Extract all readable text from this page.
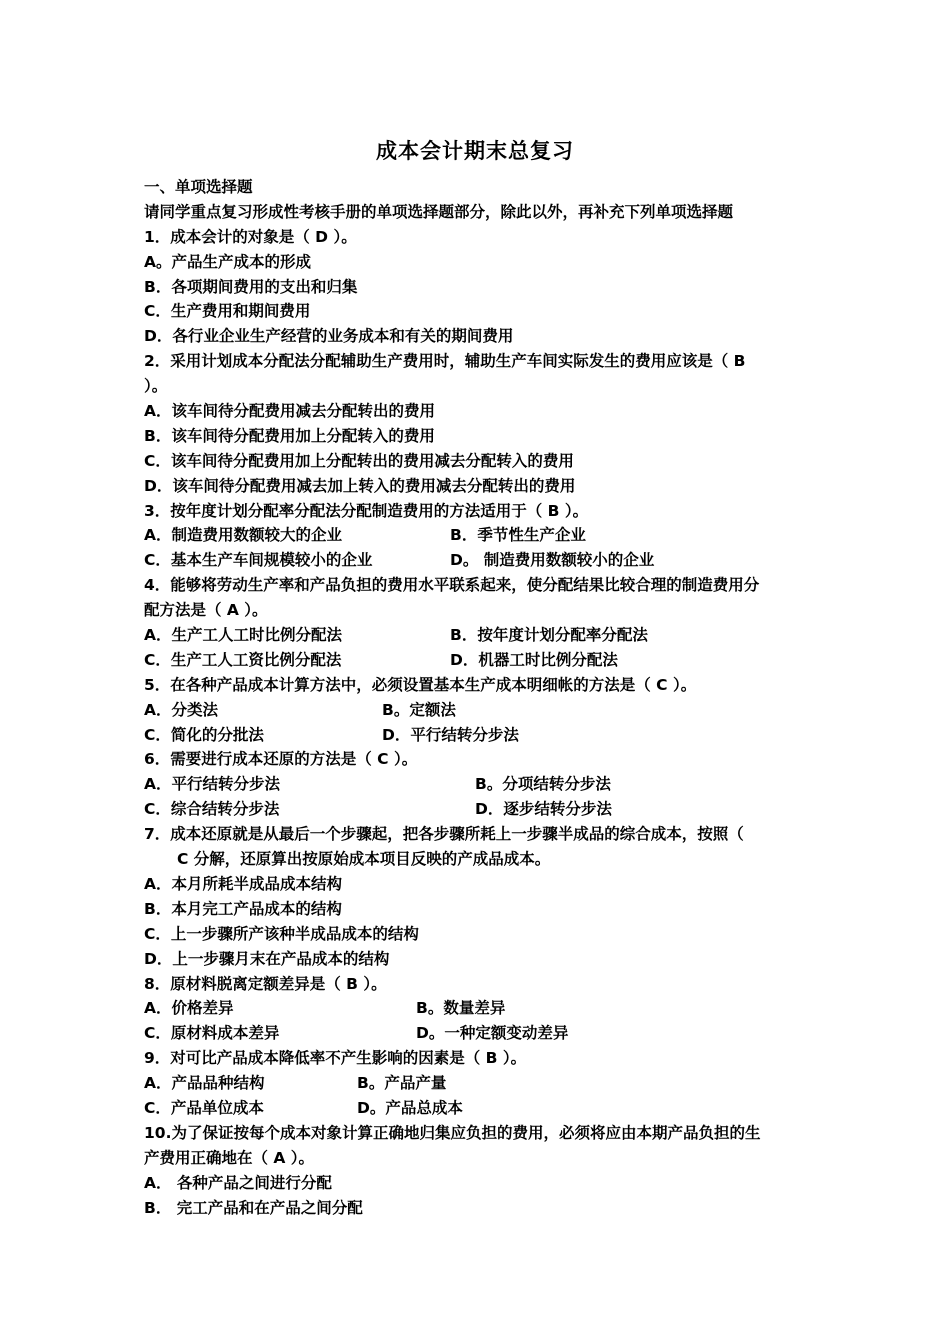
成本会计期末总复习
一、单项选择题
请同学重点复习形成性考核手册的单项选择题部分，除此以外，再补充下列单项选择题
1．成本会计的对象是（ D ）。
A。产品生产成本的形成
B．各项期间费用的支出和归集
C．生产费用和期间费用
D．各行业企业生产经营的业务成本和有关的期间费用
2．采用计划成本分配法分配辅助生产费用时，辅助生产车间实际发生的费用应该是（ B
）。
A．该车间待分配费用减去分配转出的费用
B．该车间待分配费用加上分配转入的费用
C．该车间待分配费用加上分配转出的费用减去分配转入的费用
D．该车间待分配费用减去加上转入的费用减去分配转出的费用
3．按年度计划分配率分配法分配制造费用的方法适用于（ B ）。
A．制造费用数额较大的企业	B．季节性生产企业
C．基本生产车间规模较小的企业	D。 制造费用数额较小的企业
4．能够将劳动生产率和产品负担的费用水平联系起来，使分配结果比较合理的制造费用分
配方法是（ A ）。
A．生产工人工时比例分配法	B．按年度计划分配率分配法
C．生产工人工资比例分配法	D．机器工时比例分配法
5．在各种产品成本计算方法中，必须设置基本生产成本明细帐的方法是（ C ）。
A．分类法	B。定额法
C．简化的分批法	D．平行结转分步法
6．需要进行成本还原的方法是（ C ）。
A．平行结转分步法	B。分项结转分步法
C．综合结转分步法	D．逐步结转分步法
7．成本还原就是从最后一个步骤起，把各步骤所耗上一步骤半成品的综合成本，按照（
C 分解，还原算出按原始成本项目反映的产成品成本。
A．本月所耗半成品成本结构
B．本月完工产品成本的结构
C．上一步骤所产该种半成品成本的结构
D．上一步骤月末在产品成本的结构
8．原材料脱离定额差异是（ B ）。
A．价格差异	B。数量差异
C．原材料成本差异	D。一种定额变动差异
9．对可比产品成本降低率不产生影响的因素是（ B ）。
A．产品品种结构	B。产品产量
C．产品单位成本	D。产品总成本
10.为了保证按每个成本对象计算正确地归集应负担的费用，必须将应由本期产品负担的生
产费用正确地在（ A ）。
A． 各种产品之间进行分配
B． 完工产品和在产品之间分配
